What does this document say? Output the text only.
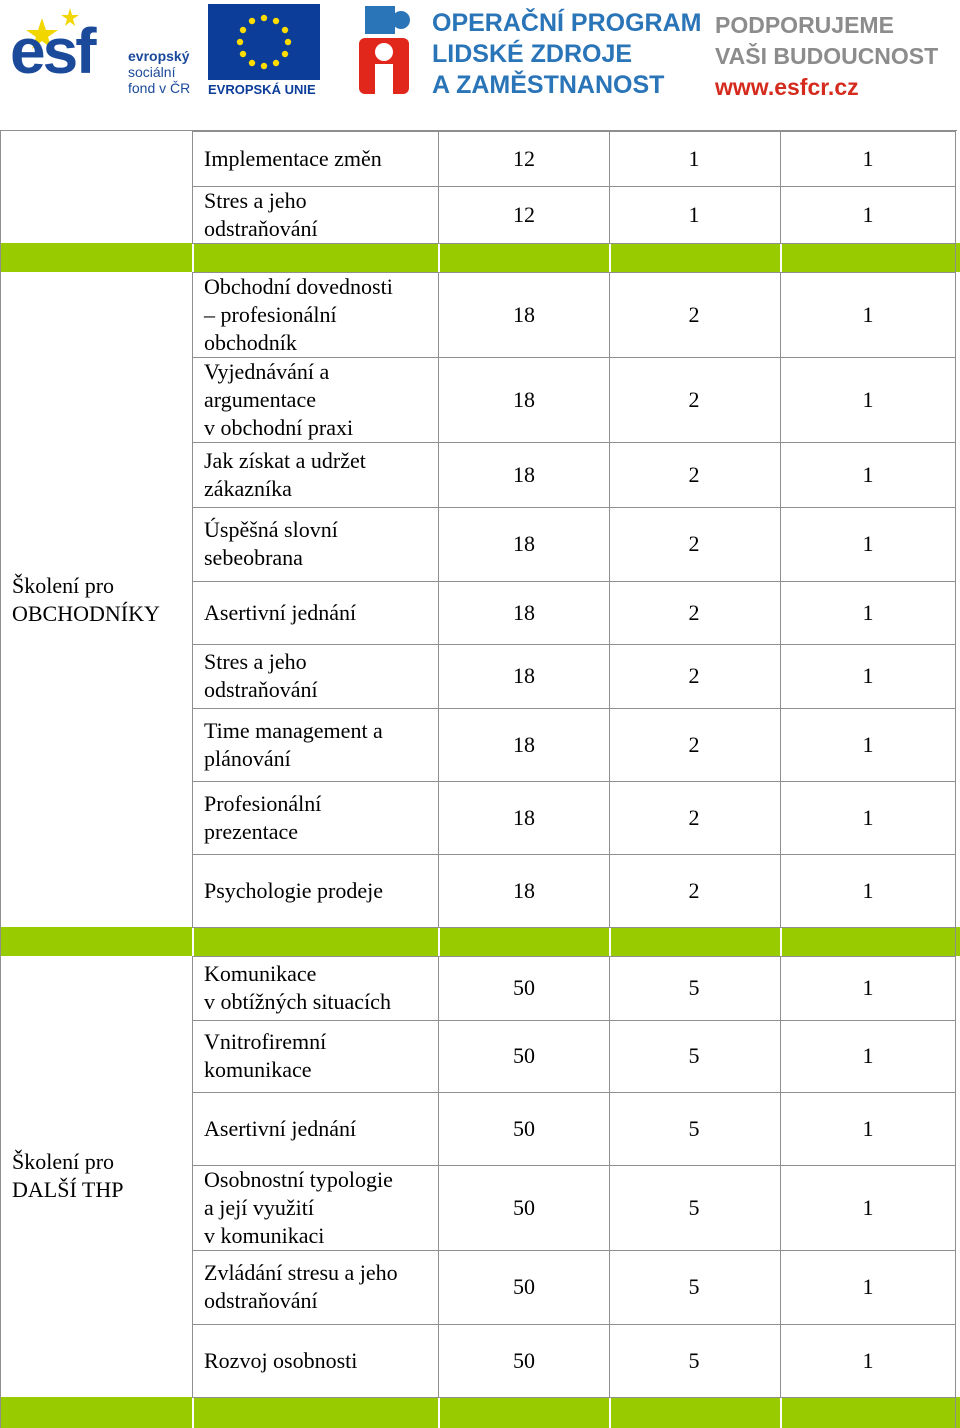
esf evropský
sociální
fond v ČR EVROPSKÁ UNIE
OPERAČNÍ PROGRAM
LIDSKÉ ZDROJE
A ZAMĚSTNANOST
PODPORUJEME
VAŠI BUDOUCNOST
www.esfcr.cz
Implementace změn	12	1	1
Stres a jeho
odstraňování
12	1	1
Školení pro
OBCHODNÍKY
Obchodní dovednosti
– profesionální
obchodník
18	2	1
Vyjednávání a
argumentace
v obchodní praxi
18	2	1
Jak získat a udržet
zákazníka
18	2	1
Úspěšná slovní
sebeobrana
18	2	1
Asertivní jednání	18	2	1
Stres a jeho
odstraňování
18	2	1
Time management a
plánování
18	2	1
Profesionální
prezentace
18	2	1
Psychologie prodeje	18	2	1
Školení pro
DALŠÍ THP
Komunikace
v obtížných situacích
50	5	1
Vnitrofiremní
komunikace
50	5	1
Asertivní jednání	50	5	1
Osobnostní typologie
a její využití
v komunikaci
50	5	1
Zvládání stresu a jeho
odstraňování
50	5	1
Rozvoj osobnosti	50	5	1
